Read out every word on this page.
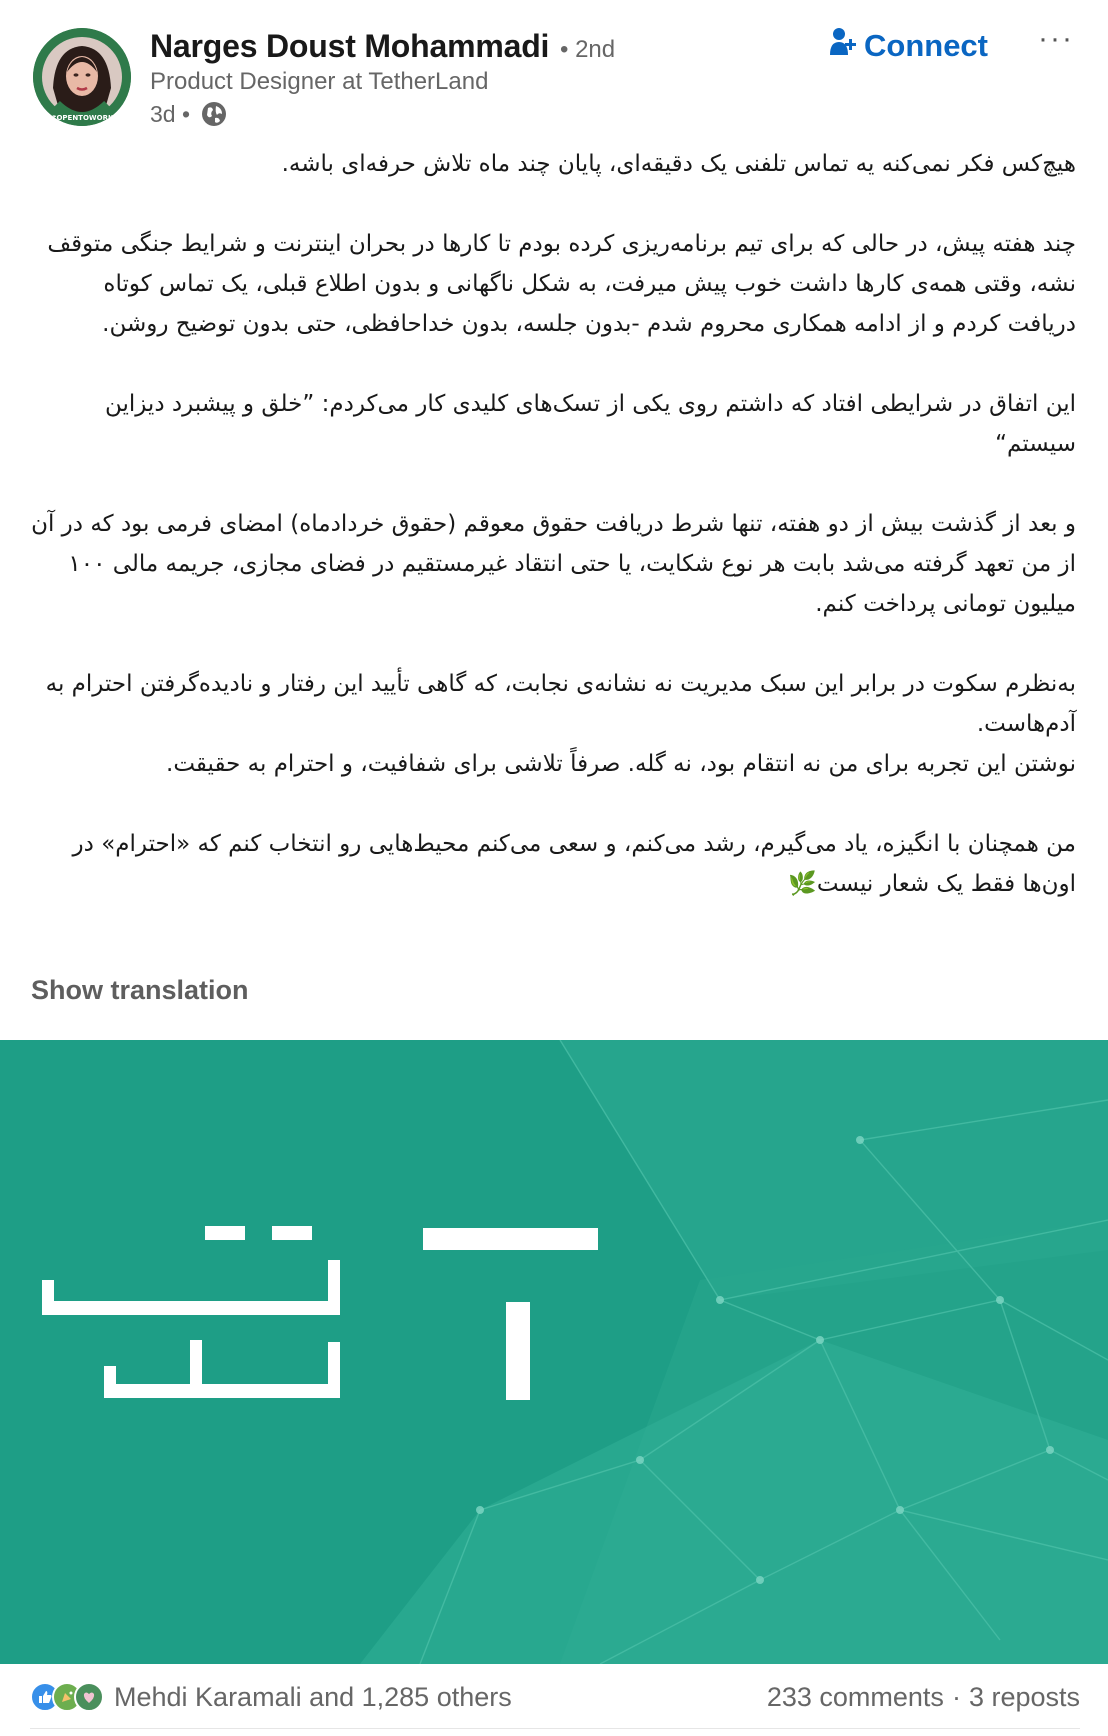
#OPENTOWORK
Narges Doust Mohammadi • 2nd
Product Designer at TetherLand
3d •
Connect ···

هیچ‌کس فکر نمی‌کنه یه تماس تلفنی یک دقیقه‌ای، پایان چند ماه تلاش حرفه‌ای باشه.

چند هفته پیش، در حالی که برای تیم برنامه‌ریزی کرده بودم تا کارها در بحران اینترنت و شرایط جنگی متوقف نشه، وقتی همه‌ی کارها داشت خوب پیش میرفت، به شکل ناگهانی و بدون اطلاع قبلی، یک تماس کوتاه دریافت کردم و از ادامه همکاری محروم شدم -بدون جلسه، بدون خداحافظی، حتی بدون توضیح روشن.

این اتفاق در شرایطی افتاد که داشتم روی یکی از تسک‌های کلیدی کار می‌کردم: ”خلق و پیشبرد دیزاین سیستم“

و بعد از گذشت بیش از دو هفته، تنها شرط دریافت حقوق معوقم (حقوق خردادماه) امضای فرمی بود که در آن از من تعهد گرفته می‌شد بابت هر نوع شکایت، یا حتی انتقاد غیرمستقیم در فضای مجازی، جریمه مالی ۱۰۰ میلیون تومانی پرداخت کنم.

به‌نظرم سکوت در برابر این سبک مدیریت نه نشانه‌ی نجابت، که گاهی تأیید این رفتار و نادیده‌گرفتن احترام به آدم‌هاست.

نوشتن این تجربه برای من نه انتقام بود، نه گله. صرفاً تلاشی برای شفافیت، و احترام به حقیقت.

من همچنان با انگیزه، یاد می‌گیرم، رشد می‌کنم، و سعی می‌کنم محیط‌هایی رو انتخاب کنم که «احترام» در اون‌ها فقط یک شعار نیست🌿

Show translation
Mehdi Karamali and 1,285 others	233 comments · 3 reposts
